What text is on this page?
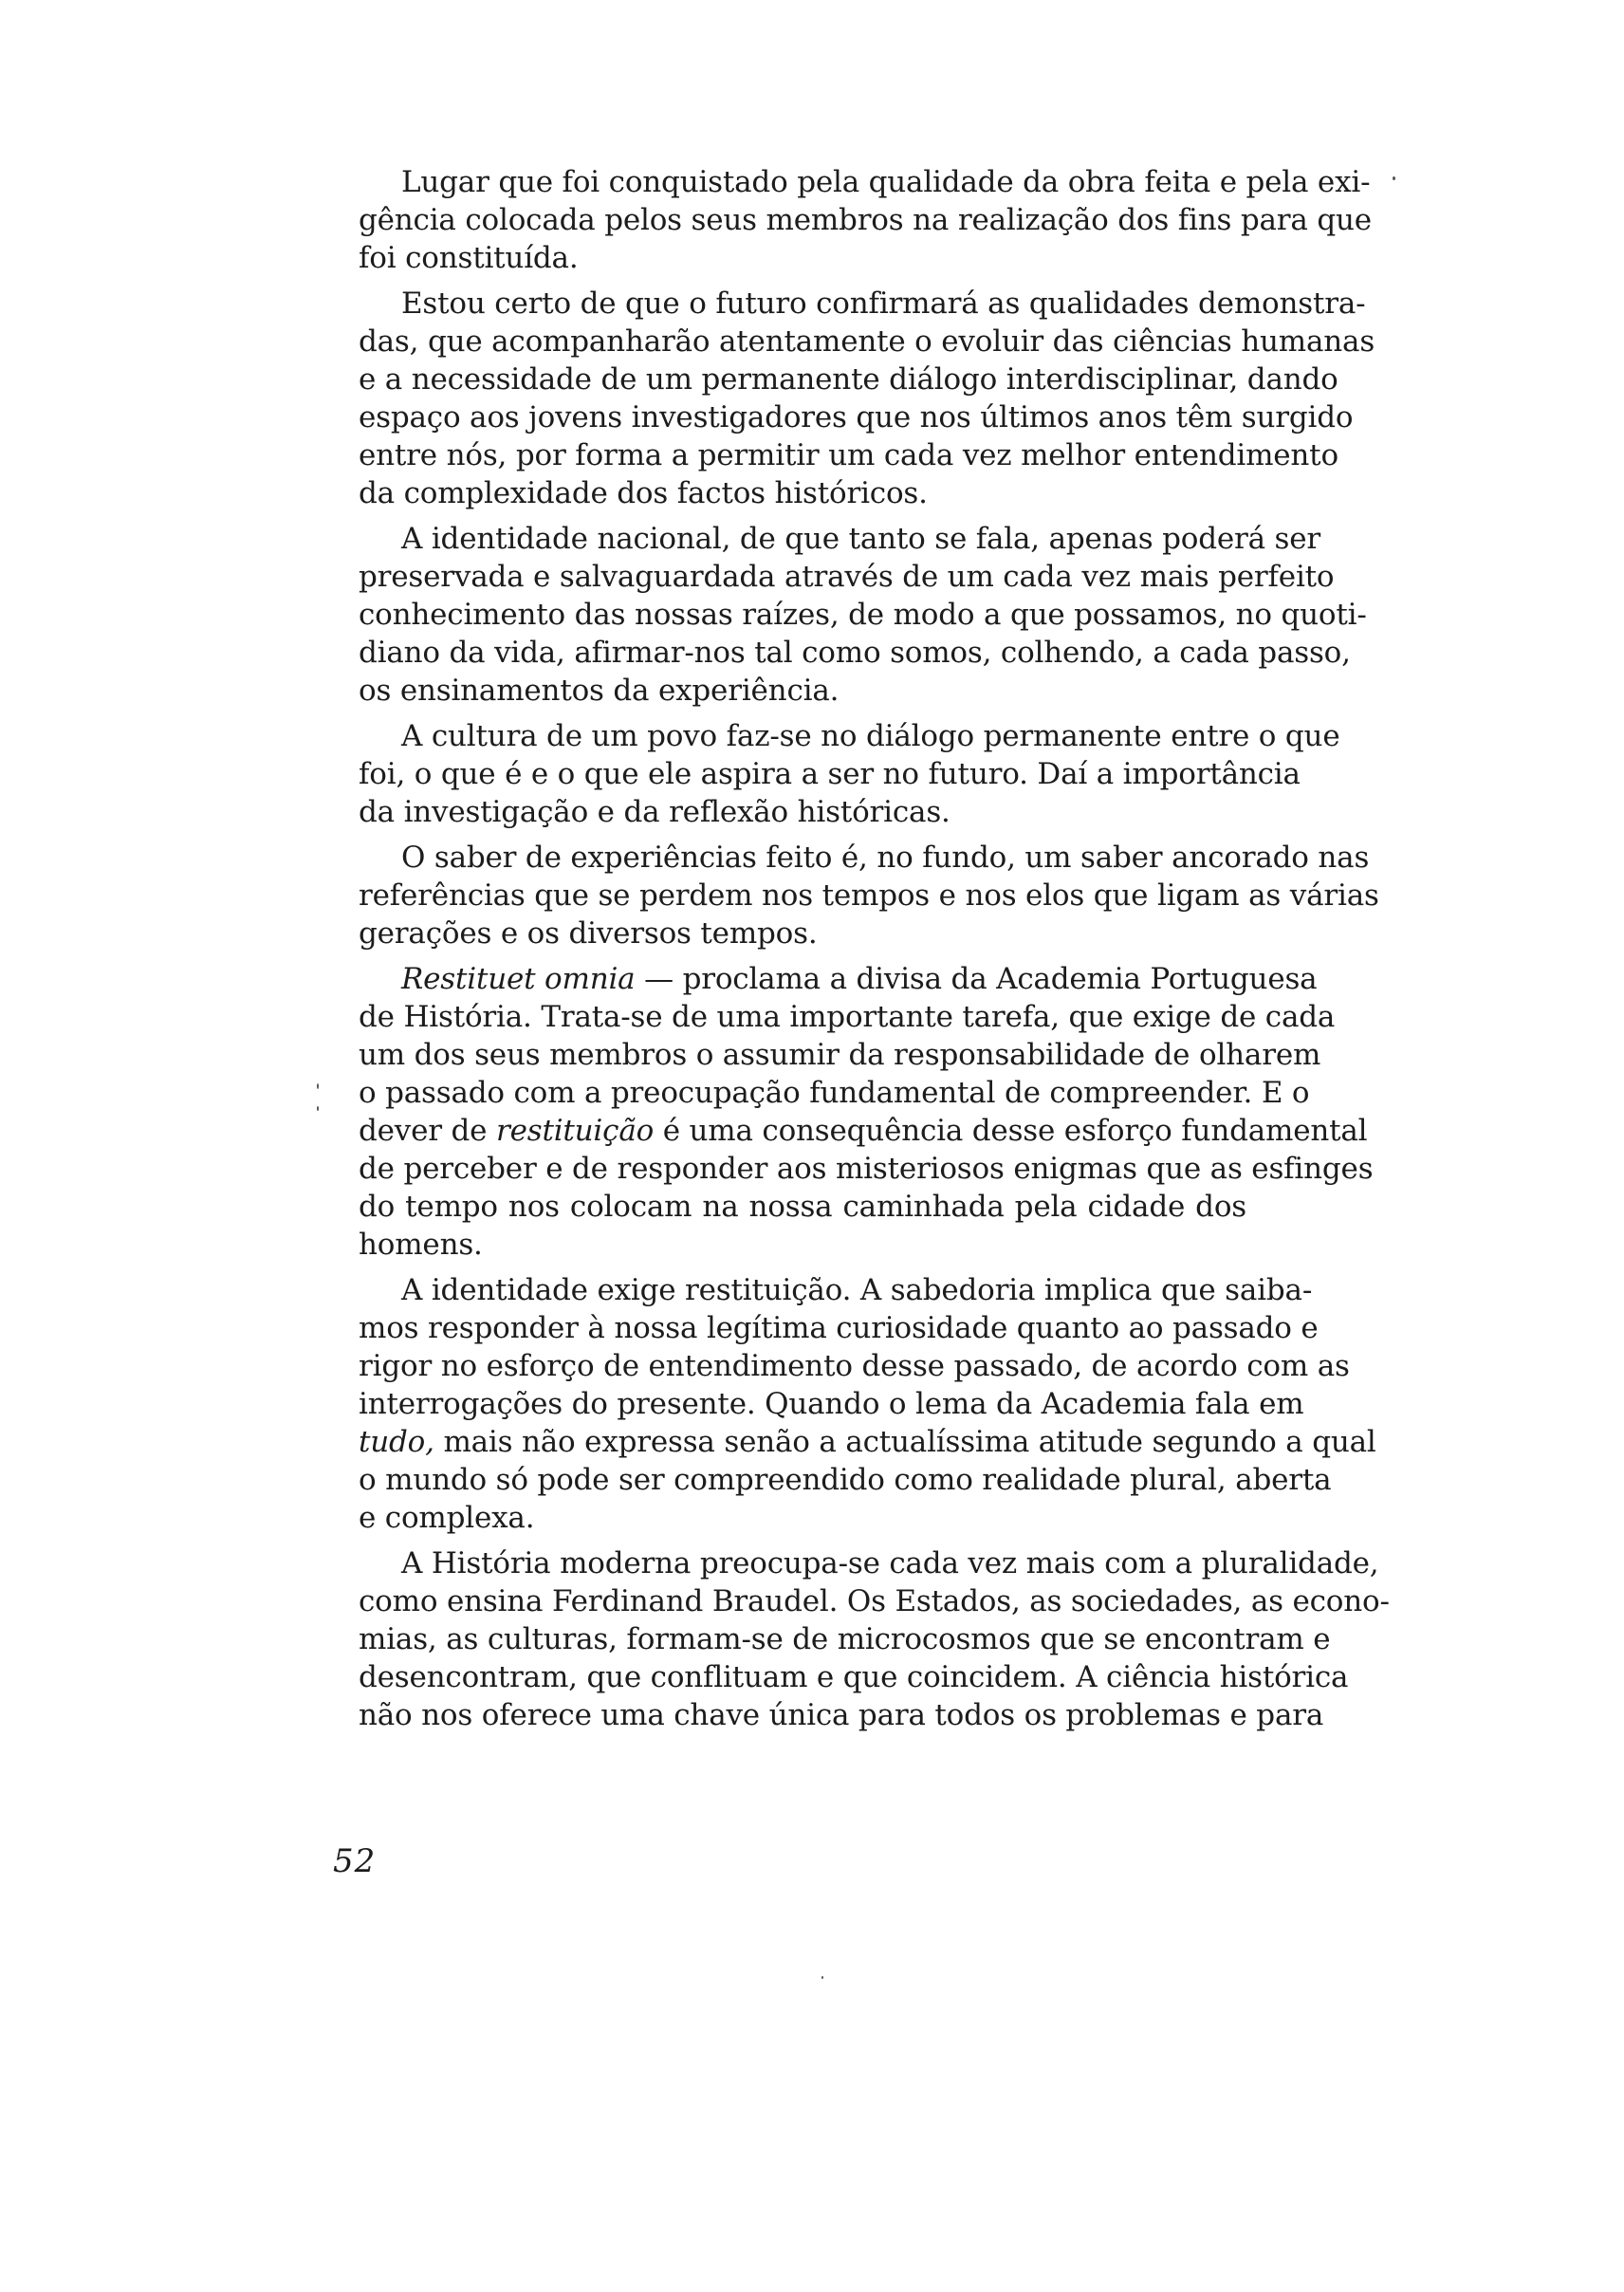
Lugar que foi conquistado pela qualidade da obra feita e pela exi-
gência colocada pelos seus membros na realização dos fins para que
foi constituída.
Estou certo de que o futuro confirmará as qualidades demonstra-
das, que acompanharão atentamente o evoluir das ciências humanas
e a necessidade de um permanente diálogo interdisciplinar, dando
espaço aos jovens investigadores que nos últimos anos têm surgido
entre nós, por forma a permitir um cada vez melhor entendimento
da complexidade dos factos históricos.
A identidade nacional, de que tanto se fala, apenas poderá ser
preservada e salvaguardada através de um cada vez mais perfeito
conhecimento das nossas raízes, de modo a que possamos, no quoti-
diano da vida, afirmar-nos tal como somos, colhendo, a cada passo,
os ensinamentos da experiência.
A cultura de um povo faz-se no diálogo permanente entre o que
foi, o que é e o que ele aspira a ser no futuro. Daí a importância
da investigação e da reflexão históricas.
O saber de experiências feito é, no fundo, um saber ancorado nas
referências que se perdem nos tempos e nos elos que ligam as várias
gerações e os diversos tempos.
Restituet omnia — proclama a divisa da Academia Portuguesa
de História. Trata-se de uma importante tarefa, que exige de cada
um dos seus membros o assumir da responsabilidade de olharem
o passado com a preocupação fundamental de compreender. E o
dever de restituição é uma consequência desse esforço fundamental
de perceber e de responder aos misteriosos enigmas que as esfinges
do tempo nos colocam na nossa caminhada pela cidade dos
homens.
A identidade exige restituição. A sabedoria implica que saiba-
mos responder à nossa legítima curiosidade quanto ao passado e
rigor no esforço de entendimento desse passado, de acordo com as
interrogações do presente. Quando o lema da Academia fala em
tudo, mais não expressa senão a actualíssima atitude segundo a qual
o mundo só pode ser compreendido como realidade plural, aberta
e complexa.
A História moderna preocupa-se cada vez mais com a pluralidade,
como ensina Ferdinand Braudel. Os Estados, as sociedades, as econo-
mias, as culturas, formam-se de microcosmos que se encontram e
desencontram, que conflituam e que coincidem. A ciência histórica
não nos oferece uma chave única para todos os problemas e para
52
